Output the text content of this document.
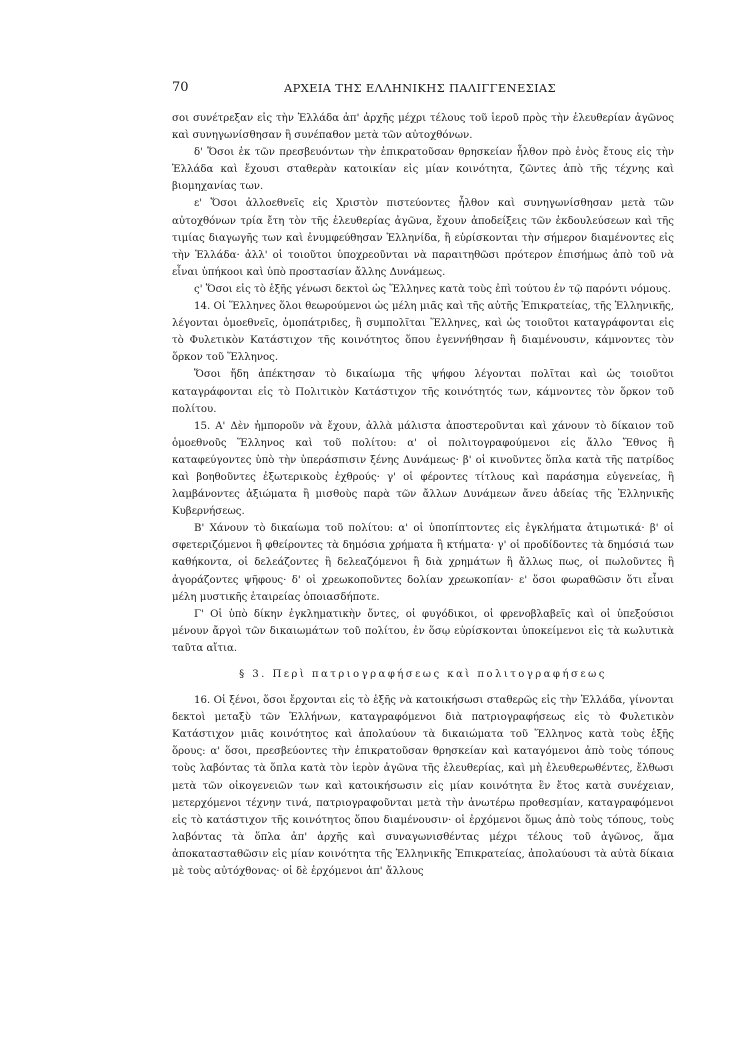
70	ΑΡΧΕΙΑ ΤΗΣ ΕΛΛΗΝΙΚΗΣ ΠΑΛΙΓΓΕΝΕΣΙΑΣ

σοι συνέτρεξαν εἰς τὴν Ἑλλάδα ἀπ' ἀρχῆς μέχρι τέλους τοῦ ἱεροῦ πρὸς τὴν ἐλευθερίαν ἀγῶνος καὶ συνηγωνίσθησαν ἢ συνέπαθον μετὰ τῶν αὐτοχθόνων.

δ' Ὅσοι ἐκ τῶν πρεσβευόντων τὴν ἐπικρατοῦσαν θρησκείαν ἦλθον πρὸ ἑνὸς ἔτους εἰς τὴν Ἑλλάδα καὶ ἔχουσι σταθερὰν κατοικίαν εἰς μίαν κοινότητα, ζῶντες ἀπὸ τῆς τέχνης καὶ βιομηχανίας των.

ε' Ὅσοι ἀλλοεθνεῖς εἰς Χριστὸν πιστεύοντες ἦλθον καὶ συνηγωνίσθησαν μετὰ τῶν αὐτοχθόνων τρία ἔτη τὸν τῆς ἐλευθερίας ἀγῶνα, ἔχουν ἀποδείξεις τῶν ἐκδουλεύσεων καὶ τῆς τιμίας διαγωγῆς των καὶ ἐνυμφεύθησαν Ἑλληνίδα, ἢ εὑρίσκονται τὴν σήμερον διαμένοντες εἰς τὴν Ἑλλάδα· ἀλλ' οἱ τοιοῦτοι ὑποχρεοῦνται νὰ παραιτηθῶσι πρότερον ἐπισήμως ἀπὸ τοῦ νὰ εἶναι ὑπήκοοι καὶ ὑπὸ προστασίαν ἄλλης Δυνάμεως.

ς' Ὅσοι εἰς τὸ ἑξῆς γένωσι δεκτοὶ ὡς Ἕλληνες κατὰ τοὺς ἐπὶ τούτου ἐν τῷ παρόντι νόμους.

14. Οἱ Ἕλληνες ὅλοι θεωρούμενοι ὡς μέλη μιᾶς καὶ τῆς αὐτῆς Ἐπικρατείας, τῆς Ἑλληνικῆς, λέγονται ὁμοεθνεῖς, ὁμοπάτριδες, ἢ συμπολῖται Ἕλληνες, καὶ ὡς τοιοῦτοι καταγράφονται εἰς τὸ Φυλετικὸν Κατάστιχον τῆς κοινότητος ὅπου ἐγεννήθησαν ἢ διαμένουσιν, κάμνοντες τὸν ὅρκον τοῦ Ἕλληνος.

Ὅσοι ἤδη ἀπέκτησαν τὸ δικαίωμα τῆς ψήφου λέγονται πολῖται καὶ ὡς τοιοῦτοι καταγράφονται εἰς τὸ Πολιτικὸν Κατάστιχον τῆς κοινότητός των, κάμνοντες τὸν ὅρκον τοῦ πολίτου.

15. Α' Δὲν ἠμποροῦν νὰ ἔχουν, ἀλλὰ μάλιστα ἀποστεροῦνται καὶ χάνουν τὸ δίκαιον τοῦ ὁμοεθνοῦς Ἕλληνος καὶ τοῦ πολίτου: α' οἱ πολιτογραφούμενοι εἰς ἄλλο Ἔθνος ἢ καταφεύγοντες ὑπὸ τὴν ὑπεράσπισιν ξένης Δυνάμεως· β' οἱ κινοῦντες ὅπλα κατὰ τῆς πατρίδος καὶ βοηθοῦντες ἐξωτερικοὺς ἐχθρούς· γ' οἱ φέροντες τίτλους καὶ παράσημα εὐγενείας, ἢ λαμβάνοντες ἀξιώματα ἢ μισθοὺς παρὰ τῶν ἄλλων Δυνάμεων ἄνευ ἀδείας τῆς Ἑλληνικῆς Κυβερνήσεως.

Β' Χάνουν τὸ δικαίωμα τοῦ πολίτου: α' οἱ ὑποπίπτοντες εἰς ἐγκλήματα ἀτιμωτικά· β' οἱ σφετεριζόμενοι ἢ φθείροντες τὰ δημόσια χρήματα ἢ κτήματα· γ' οἱ προδίδοντες τὰ δημόσιά των καθήκοντα, οἱ δελεάζοντες ἢ δελεαζόμενοι ἢ διὰ χρημάτων ἢ ἄλλως πως, οἱ πωλοῦντες ἢ ἀγοράζοντες ψῆφους· δ' οἱ χρεωκοποῦντες δολίαν χρεωκοπίαν· ε' ὅσοι φωραθῶσιν ὅτι εἶναι μέλη μυστικῆς ἑταιρείας ὁποιασδήποτε.

Γ' Οἱ ὑπὸ δίκην ἐγκληματικὴν ὄντες, οἱ φυγόδικοι, οἱ φρενοβλαβεῖς καὶ οἱ ὑπεξούσιοι μένουν ἄργοὶ τῶν δικαιωμάτων τοῦ πολίτου, ἐν ὅσῳ εὑρίσκονται ὑποκείμενοι εἰς τὰ κωλυτικὰ ταῦτα αἴτια.

§ 3. Περὶ πατριογραφήσεως καὶ πολιτογραφήσεως

16. Οἱ ξένοι, ὅσοι ἔρχονται εἰς τὸ ἑξῆς νὰ κατοικήσωσι σταθερῶς εἰς τὴν Ἑλλάδα, γίνονται δεκτοὶ μεταξὺ τῶν Ἑλλήνων, καταγραφόμενοι διὰ πατριογραφήσεως εἰς τὸ Φυλετικὸν Κατάστιχον μιᾶς κοινότητος καὶ ἀπολαύουν τὰ δικαιώματα τοῦ Ἕλληνος κατὰ τοὺς ἑξῆς ὅρους: α' ὅσοι, πρεσβεύοντες τὴν ἐπικρατοῦσαν θρησκείαν καὶ καταγόμενοι ἀπὸ τοὺς τόπους τοὺς λαβόντας τὰ ὅπλα κατὰ τὸν ἱερὸν ἀγῶνα τῆς ἐλευθερίας, καὶ μὴ ἐλευθερωθέντες, ἔλθωσι μετὰ τῶν οἰκογενειῶν των καὶ κατοικήσωσιν εἰς μίαν κοινότητα ἓν ἔτος κατὰ συνέχειαν, μετερχόμενοι τέχνην τινά, πατριογραφοῦνται μετὰ τὴν ἀνωτέρω προθεσμίαν, καταγραφόμενοι εἰς τὸ κατάστιχον τῆς κοινότητος ὅπου διαμένουσιν· οἱ ἐρχόμενοι ὅμως ἀπὸ τοὺς τόπους, τοὺς λαβόντας τὰ ὅπλα ἀπ' ἀρχῆς καὶ συναγωνισθέντας μέχρι τέλους τοῦ ἀγῶνος, ἅμα ἀποκατασταθῶσιν εἰς μίαν κοινότητα τῆς Ἑλληνικῆς Ἐπικρατείας, ἀπολαύουσι τὰ αὐτὰ δίκαια μὲ τοὺς αὐτόχθονας· οἱ δὲ ἐρχόμενοι ἀπ' ἄλλους
